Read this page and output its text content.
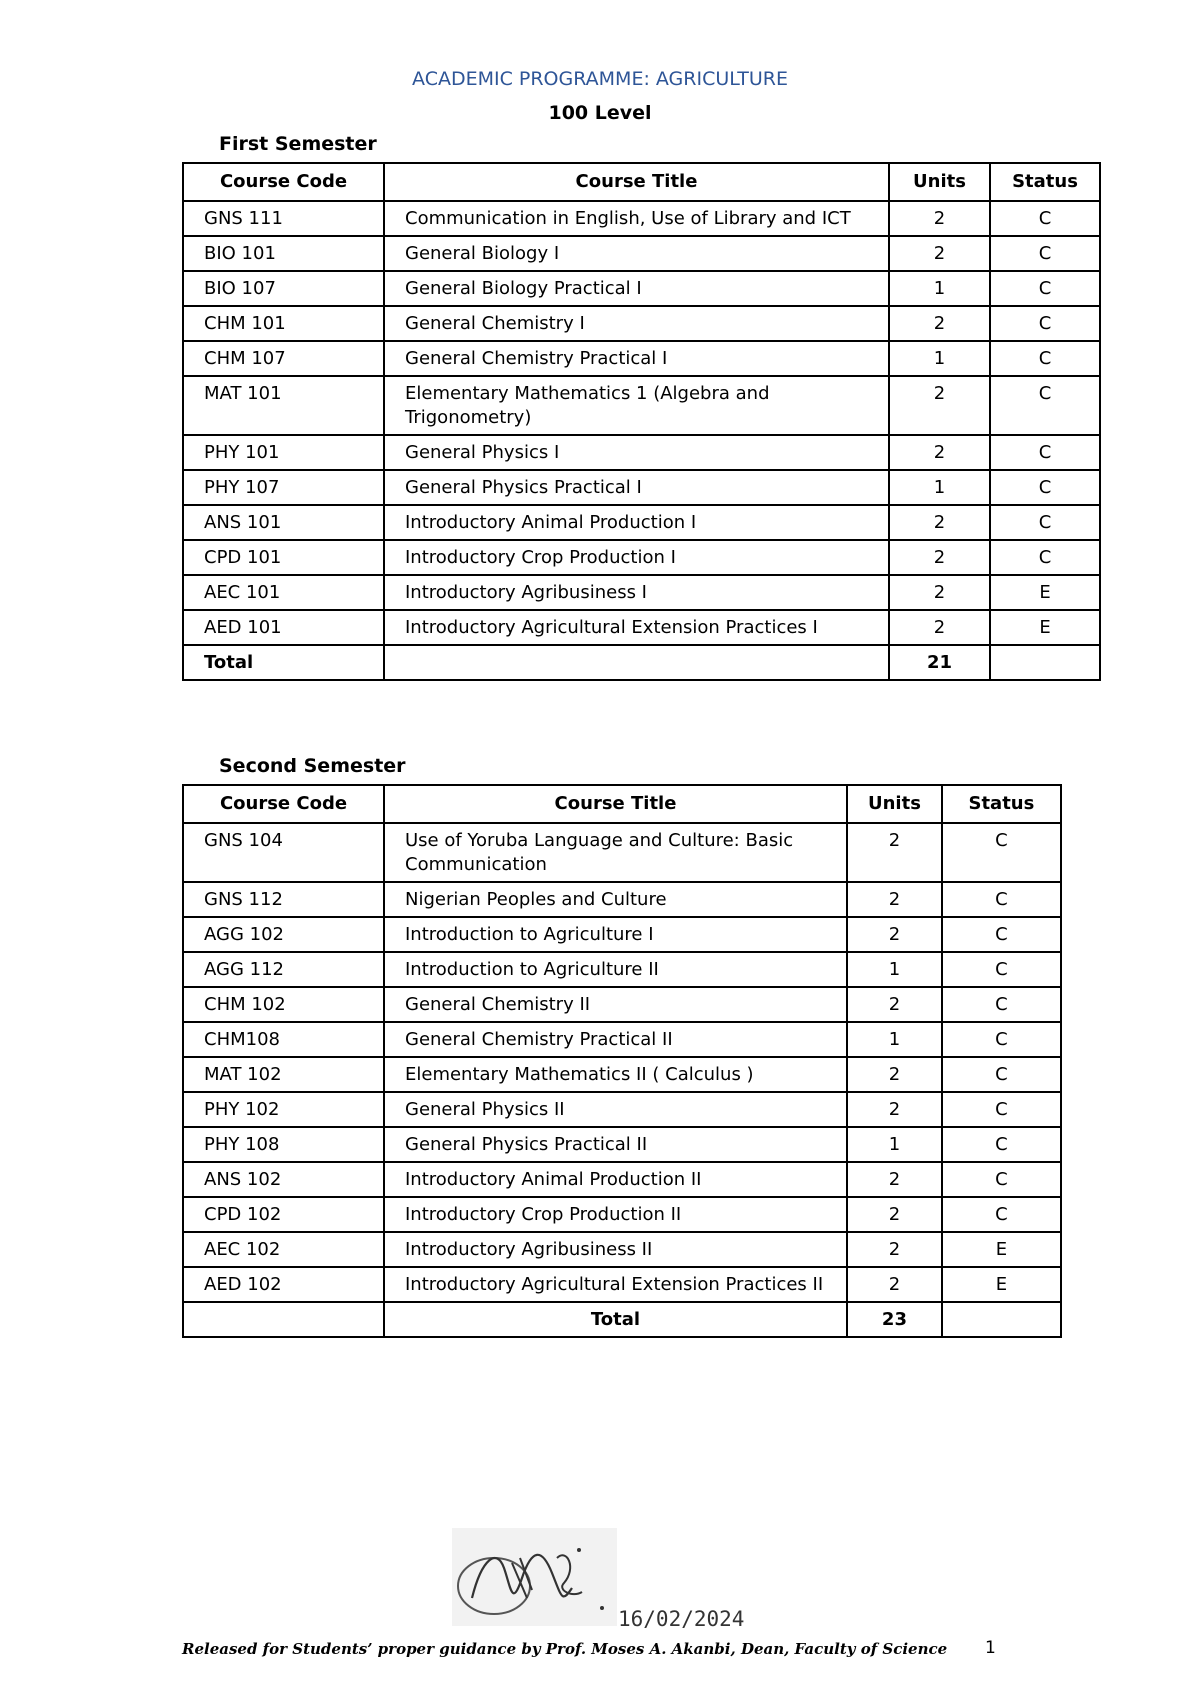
ACADEMIC PROGRAMME: AGRICULTURE
100 Level
First Semester
Course Code	Course Title	Units	Status
GNS 111	Communication in English, Use of Library and ICT	2	C
BIO 101	General Biology I	2	C
BIO 107	General Biology Practical I	1	C
CHM 101	General Chemistry I	2	C
CHM 107	General Chemistry Practical I	1	C
MAT 101	Elementary Mathematics 1 (Algebra and Trigonometry)	2	C
PHY 101	General Physics I	2	C
PHY 107	General Physics Practical I	1	C
ANS 101	Introductory Animal Production I	2	C
CPD 101	Introductory Crop Production I	2	C
AEC 101	Introductory Agribusiness I	2	E
AED 101	Introductory Agricultural Extension Practices I	2	E
Total		21	
Second Semester
Course Code	Course Title	Units	Status
GNS 104	Use of Yoruba Language and Culture: Basic Communication	2	C
GNS 112	Nigerian Peoples and Culture	2	C
AGG 102	Introduction to Agriculture I	2	C
AGG 112	Introduction to Agriculture II	1	C
CHM 102	General Chemistry II	2	C
CHM108	General Chemistry Practical II	1	C
MAT 102	Elementary Mathematics II ( Calculus )	2	C
PHY 102	General Physics II	2	C
PHY 108	General Physics Practical II	1	C
ANS 102	Introductory Animal Production II	2	C
CPD 102	Introductory Crop Production II	2	C
AEC 102	Introductory Agribusiness II	2	E
AED 102	Introductory Agricultural Extension Practices II	2	E
	Total	23	
16/02/2024
Released for Students’ proper guidance by Prof. Moses A. Akanbi, Dean, Faculty of Science 1
